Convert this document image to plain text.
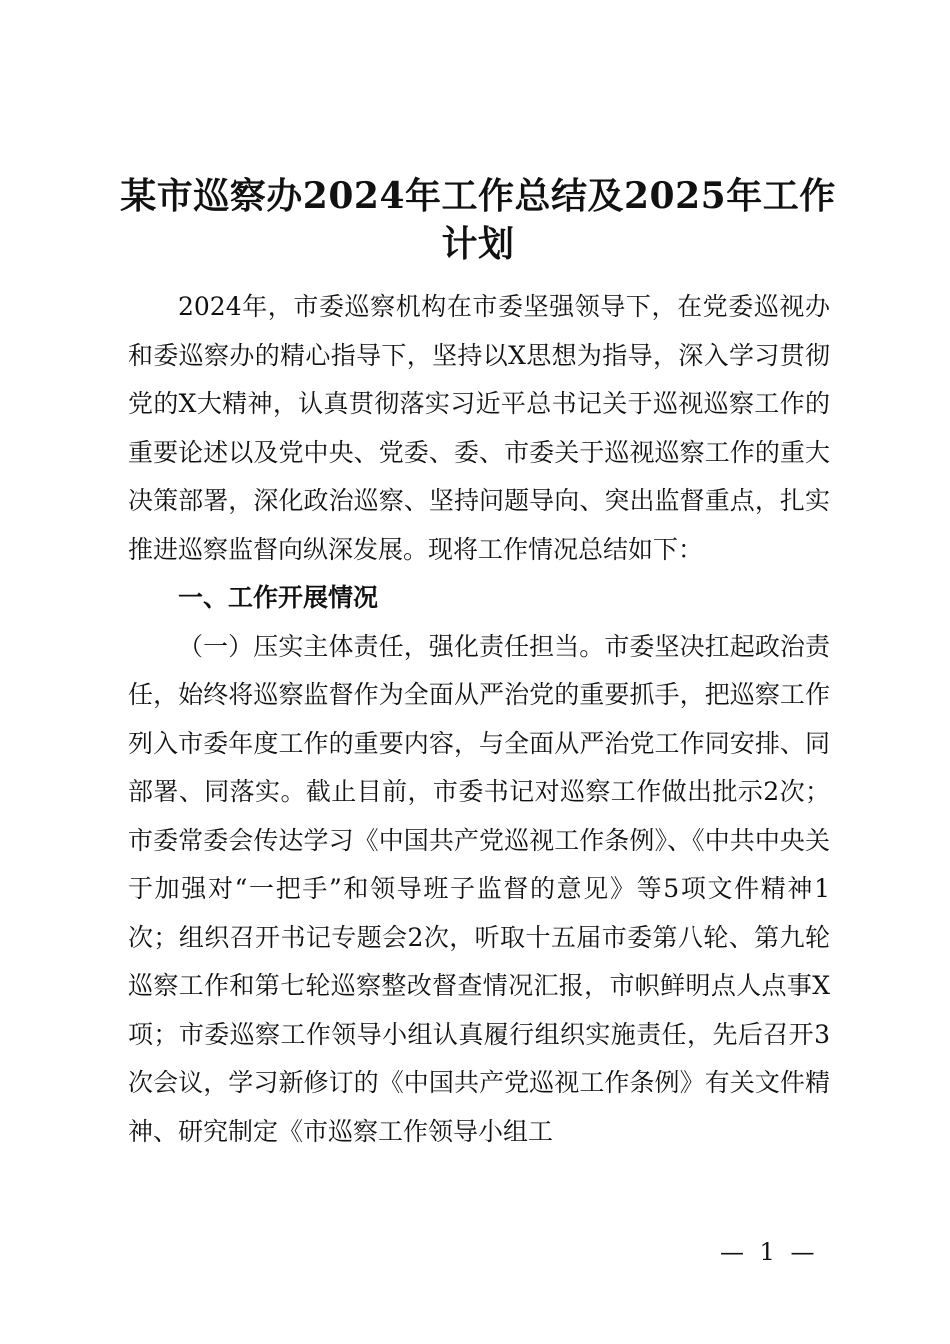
某市巡察办2024年工作总结及2025年工作计划

2024年，市委巡察机构在市委坚强领导下，在党委巡视办和委巡察办的精心指导下，坚持以X思想为指导，深入学习贯彻党的X大精神，认真贯彻落实习近平总书记关于巡视巡察工作的重要论述以及党中央、党委、委、市委关于巡视巡察工作的重大决策部署，深化政治巡察、坚持问题导向、突出监督重点，扎实推进巡察监督向纵深发展。现将工作情况总结如下：

一、工作开展情况

（一）压实主体责任，强化责任担当。市委坚决扛起政治责任，始终将巡察监督作为全面从严治党的重要抓手，把巡察工作列入市委年度工作的重要内容，与全面从严治党工作同安排、同部署、同落实。截止目前，市委书记对巡察工作做出批示2次；市委常委会传达学习《中国共产党巡视工作条例》、《中共中央关于加强对“一把手”和领导班子监督的意见》等5项文件精神1次；组织召开书记专题会2次，听取十五届市委第八轮、第九轮巡察工作和第七轮巡察整改督查情况汇报，市帜鲜明点人点事X项；市委巡察工作领导小组认真履行组织实施责任，先后召开3次会议，学习新修订的《中国共产党巡视工作条例》有关文件精神、研究制定《市巡察工作领导小组工

— 1 —
